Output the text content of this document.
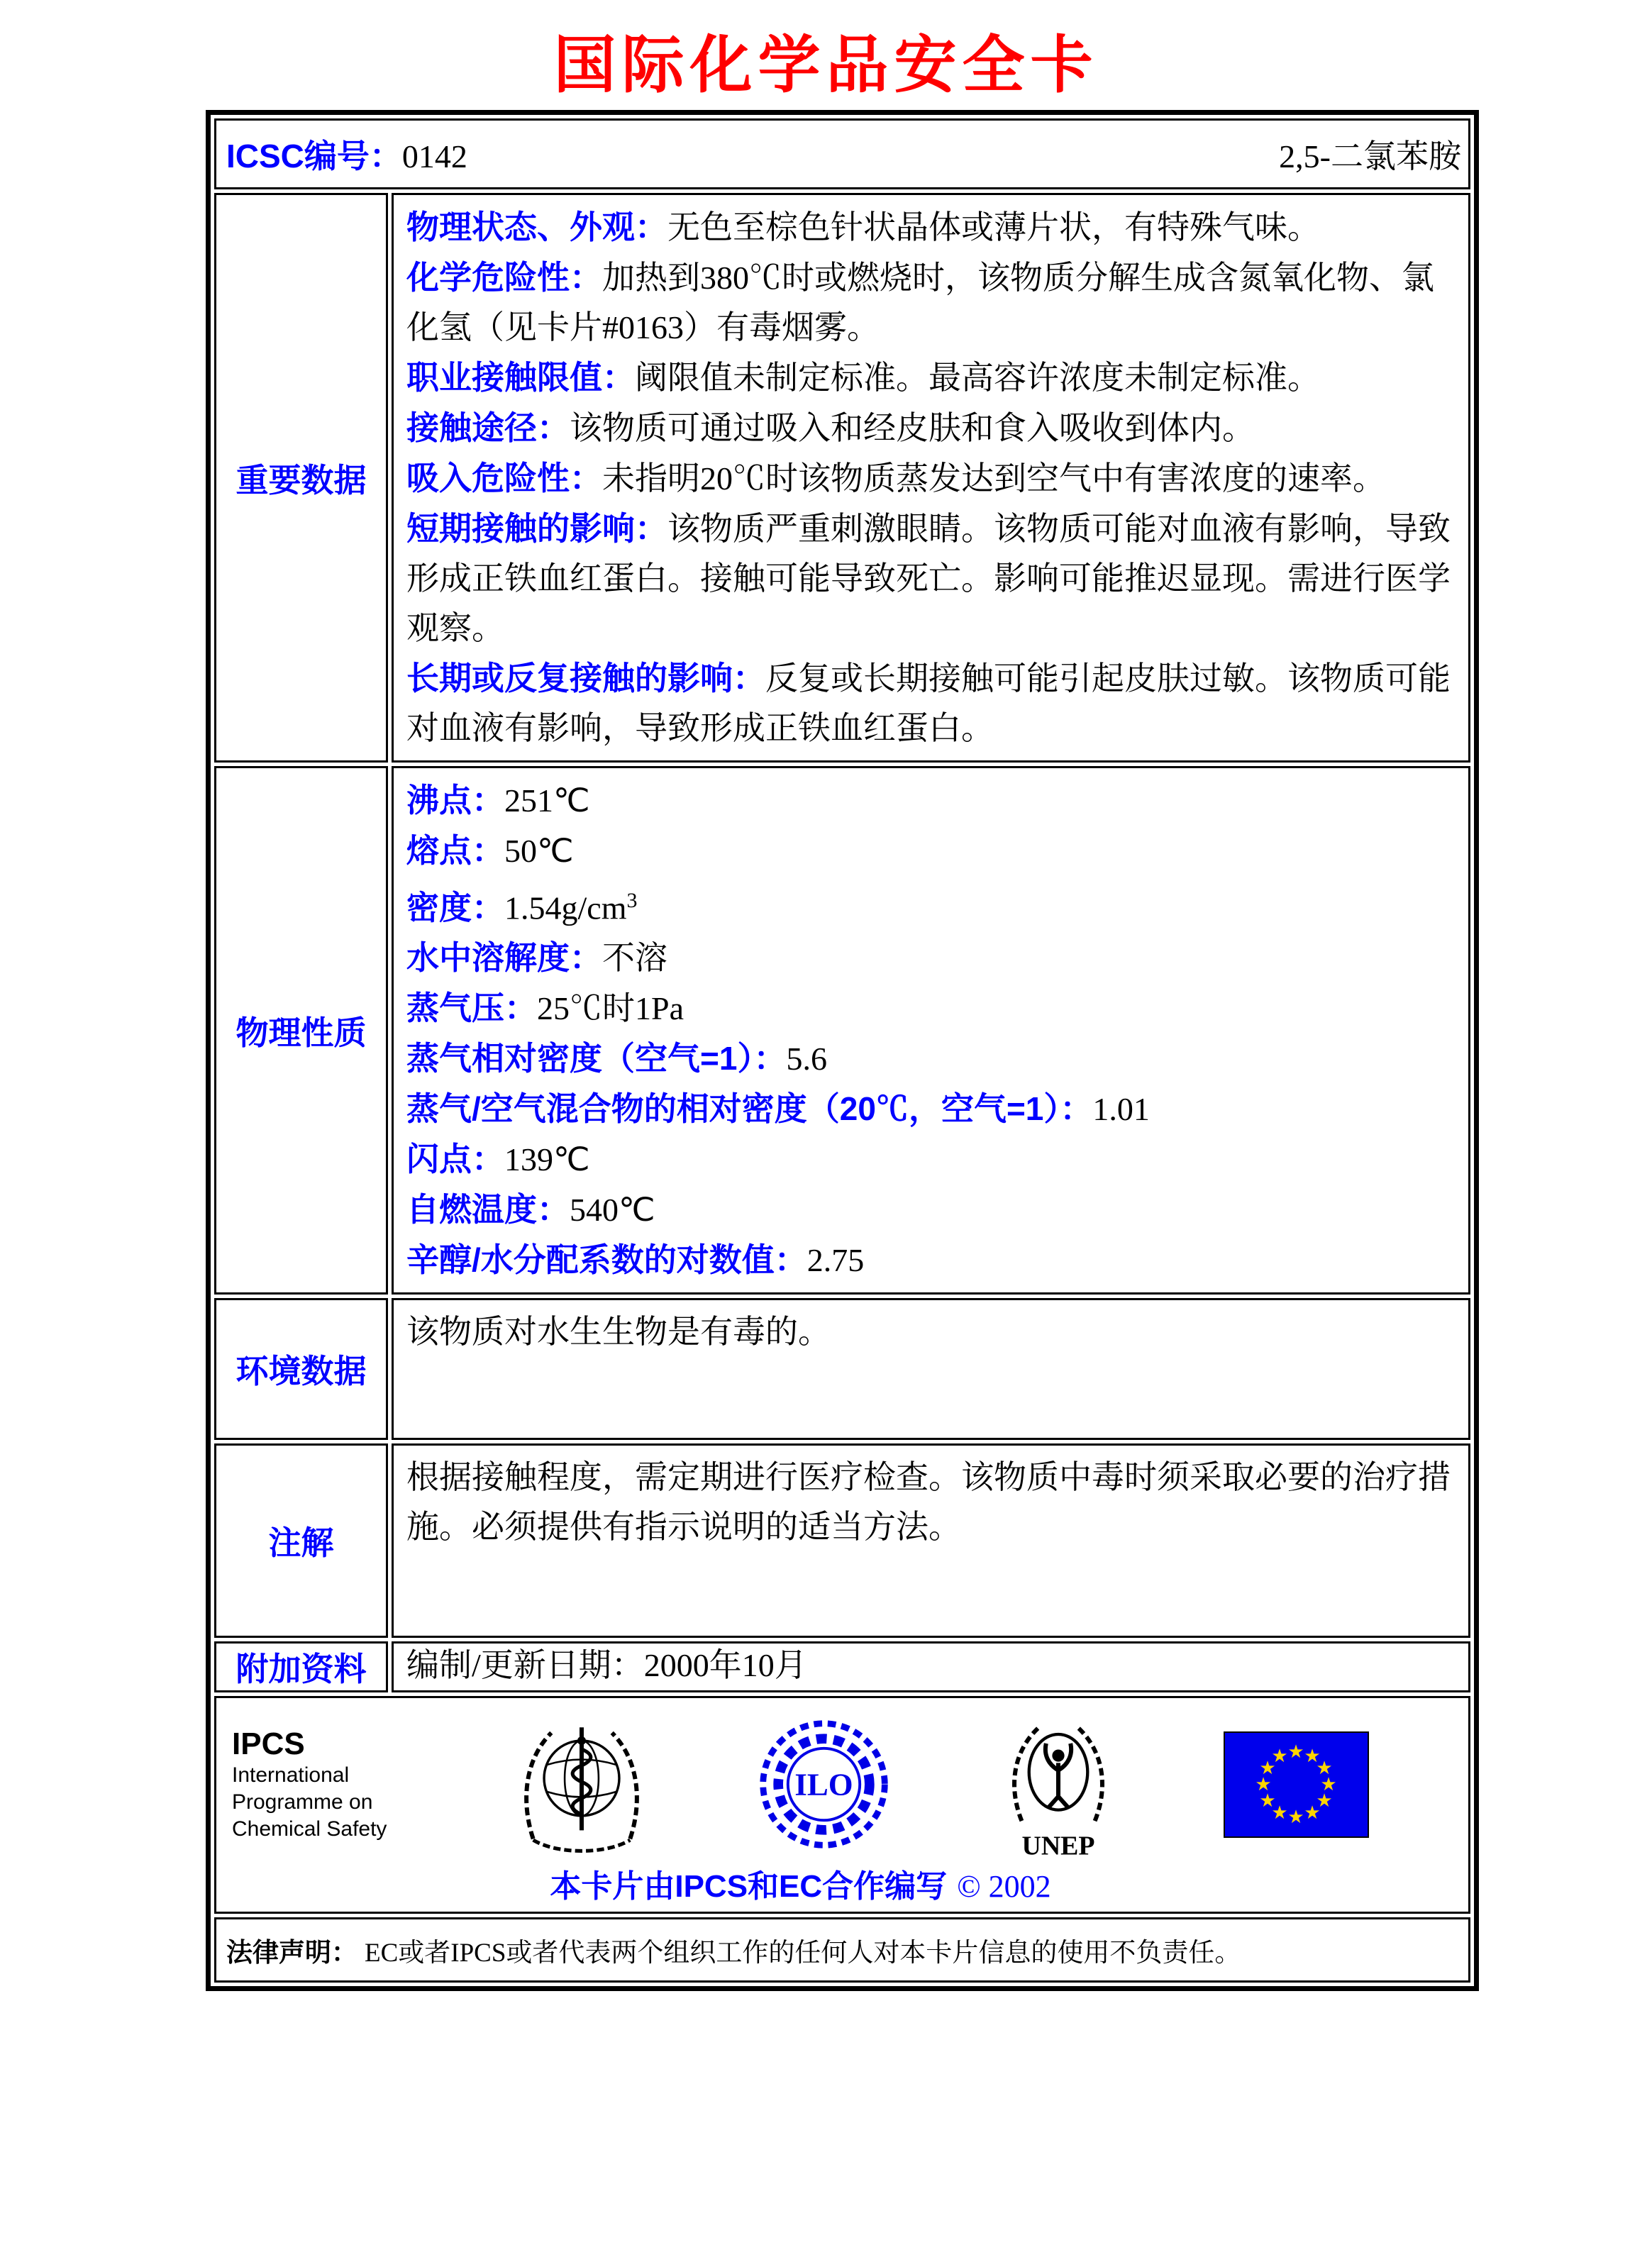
国际化学品安全卡
ICSC编号：0142	2,5-二氯苯胺
重要数据
物理状态、外观：无色至棕色针状晶体或薄片状，有特殊气味。
化学危险性：加热到380℃时或燃烧时，该物质分解生成含氮氧化物、氯化氢（见卡片#0163）有毒烟雾。
职业接触限值：阈限值未制定标准。最高容许浓度未制定标准。
接触途径：该物质可通过吸入和经皮肤和食入吸收到体内。
吸入危险性：未指明20℃时该物质蒸发达到空气中有害浓度的速率。
短期接触的影响：该物质严重刺激眼睛。该物质可能对血液有影响，导致形成正铁血红蛋白。接触可能导致死亡。影响可能推迟显现。需进行医学观察。
长期或反复接触的影响：反复或长期接触可能引起皮肤过敏。该物质可能对血液有影响，导致形成正铁血红蛋白。
物理性质
沸点：251℃
熔点：50℃
密度：$1.54g/cm^3$
水中溶解度：不溶
蒸气压：25℃时1Pa
蒸气相对密度（空气=1）：5.6
蒸气/空气混合物的相对密度（20℃，空气=1）：1.01
闪点：139℃
自燃温度：540℃
辛醇/水分配系数的对数值：2.75
环境数据
该物质对水生生物是有毒的。
注解
根据接触程度，需定期进行医疗检查。该物质中毒时须采取必要的治疗措施。必须提供有指示说明的适当方法。
附加资料	编制/更新日期：2000年10月
IPCS
International
Programme on
Chemical Safety
ILO
UNEP
★ ★
★
★
★
★
★
★
★
★
★
★
本卡片由IPCS和EC合作编写 © 2002
法律声明： EC或者IPCS或者代表两个组织工作的任何人对本卡片信息的使用不负责任。
